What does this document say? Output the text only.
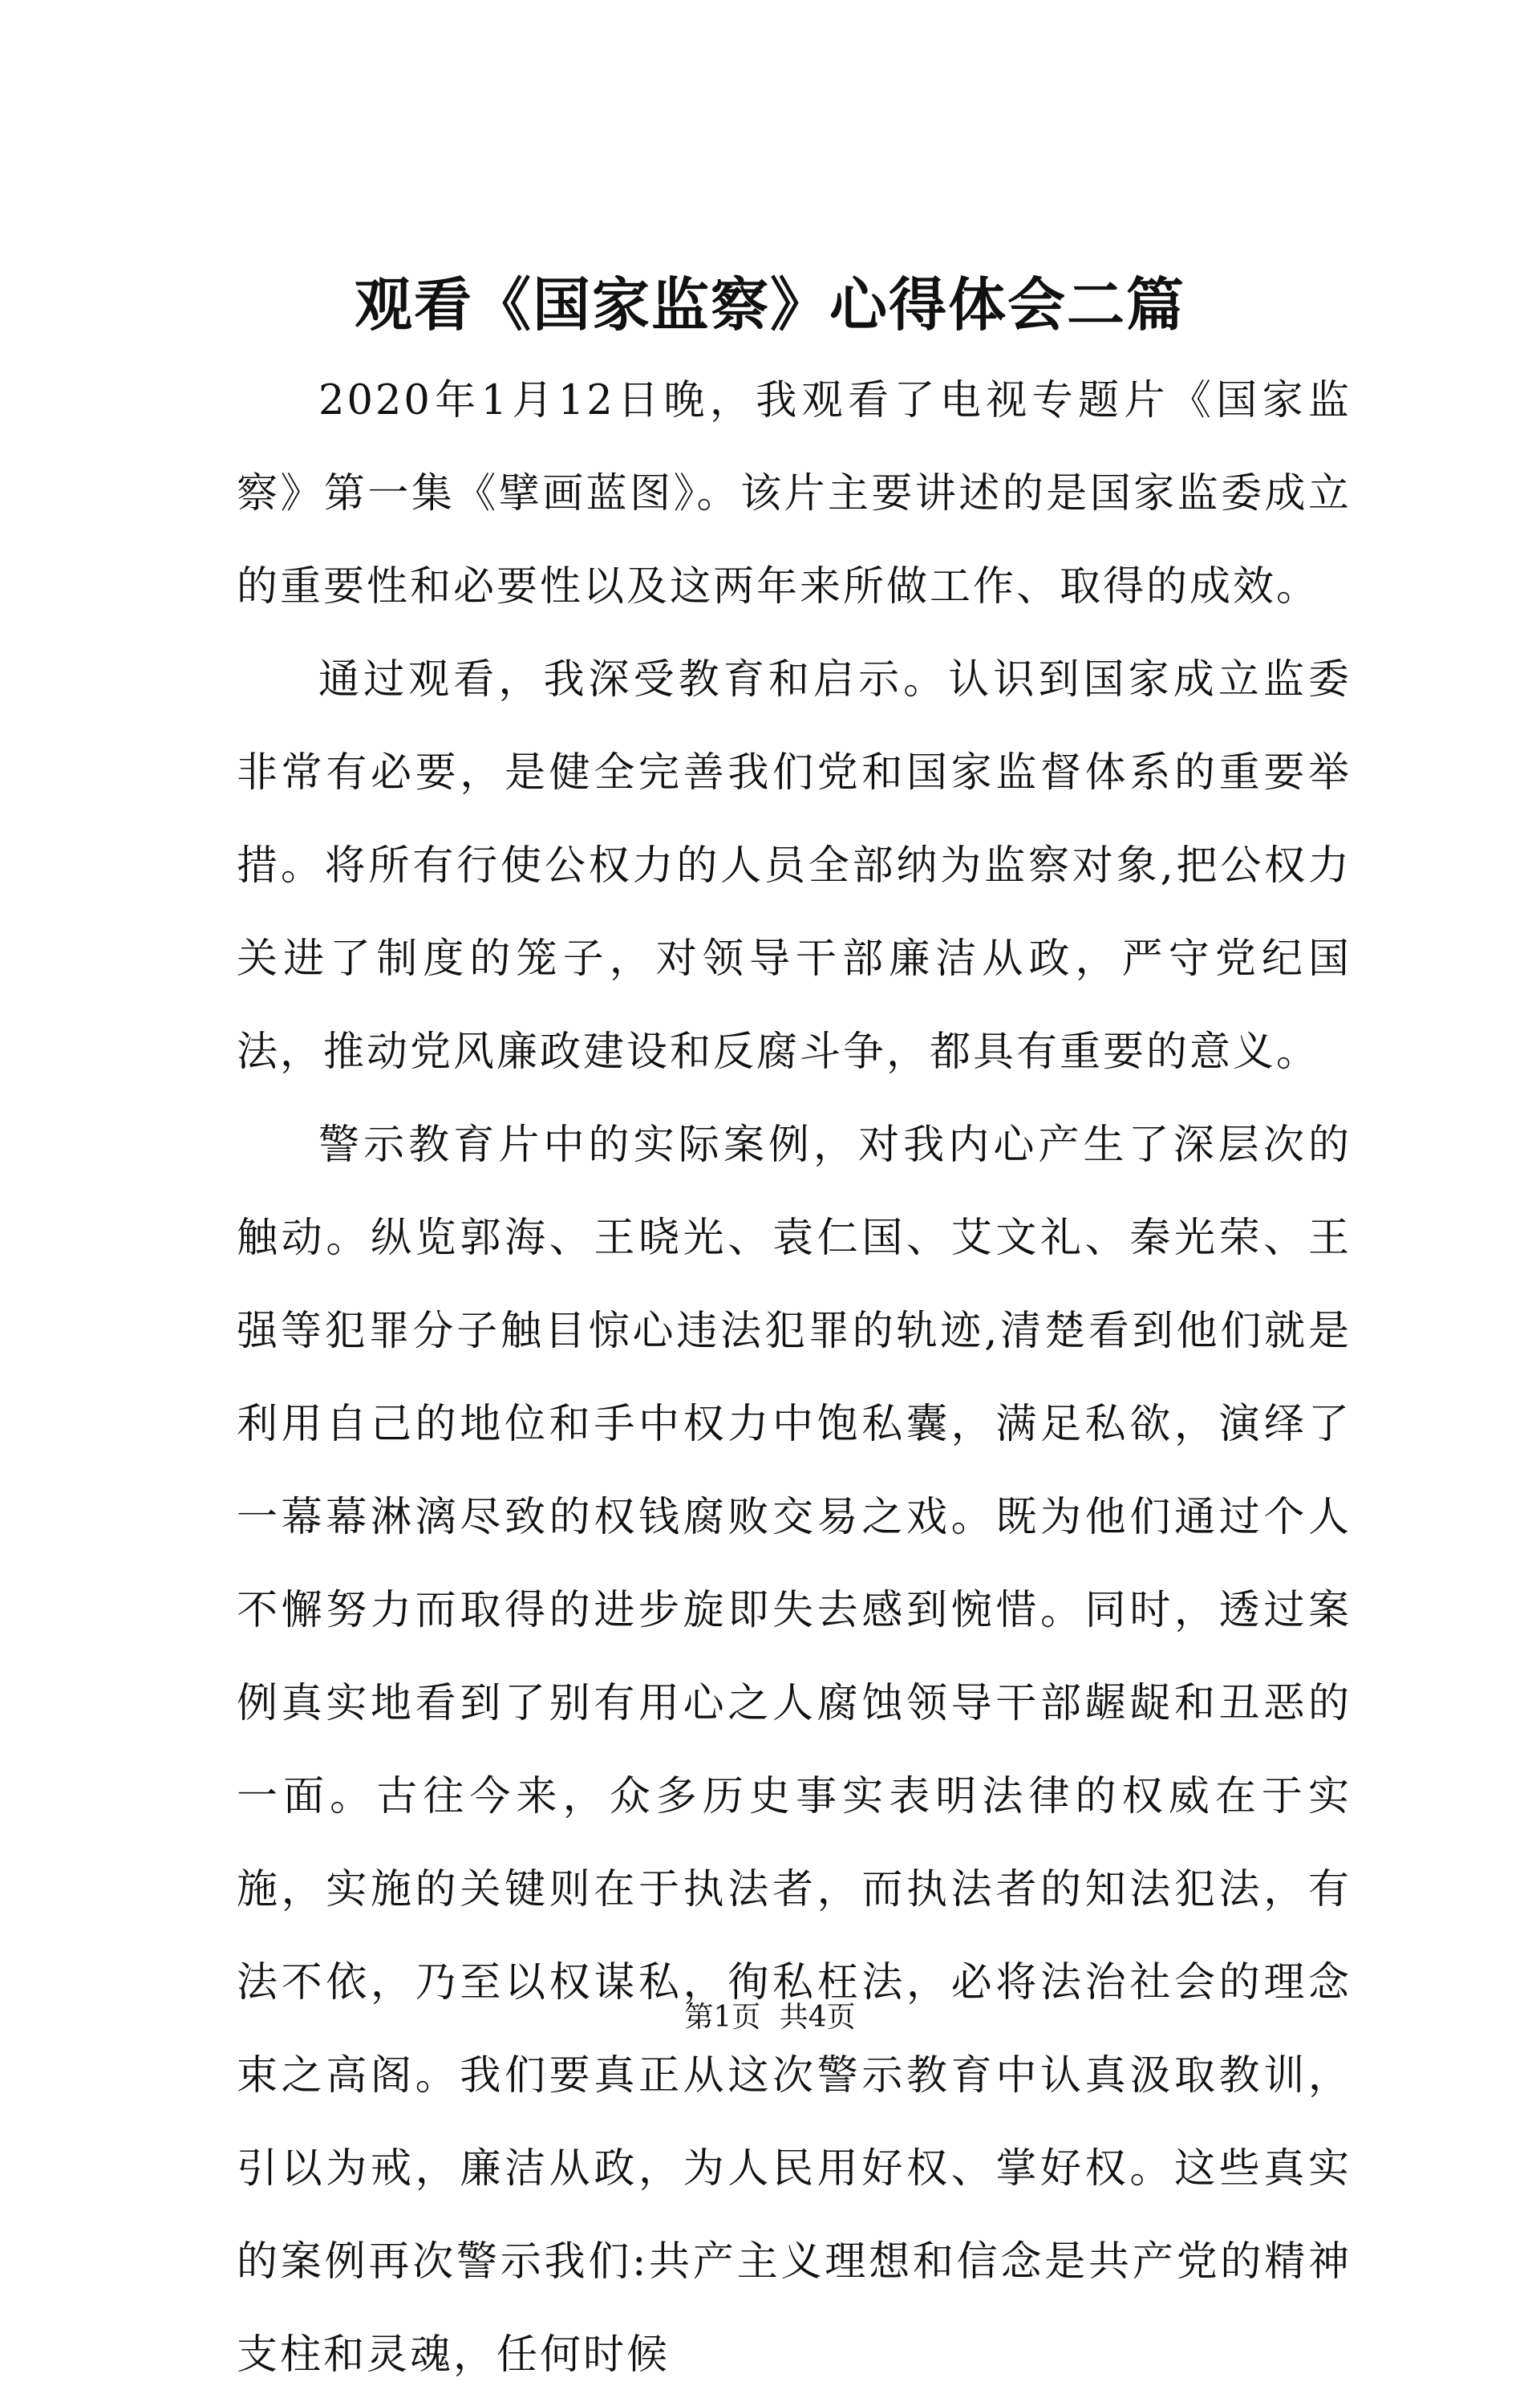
观看《国家监察》心得体会二篇

2020年1月12日晚，我观看了电视专题片《国家监察》第一集《擘画蓝图》。该片主要讲述的是国家监委成立的重要性和必要性以及这两年来所做工作、取得的成效。

通过观看，我深受教育和启示。认识到国家成立监委非常有必要，是健全完善我们党和国家监督体系的重要举措。将所有行使公权力的人员全部纳为监察对象,把公权力关进了制度的笼子，对领导干部廉洁从政，严守党纪国法，推动党风廉政建设和反腐斗争，都具有重要的意义。

警示教育片中的实际案例，对我内心产生了深层次的触动。纵览郭海、王晓光、袁仁国、艾文礼、秦光荣、王强等犯罪分子触目惊心违法犯罪的轨迹,清楚看到他们就是利用自己的地位和手中权力中饱私囊，满足私欲，演绎了一幕幕淋漓尽致的权钱腐败交易之戏。既为他们通过个人不懈努力而取得的进步旋即失去感到惋惜。同时，透过案例真实地看到了别有用心之人腐蚀领导干部龌龊和丑恶的一面。古往今来，众多历史事实表明法律的权威在于实施，实施的关键则在于执法者，而执法者的知法犯法，有法不依，乃至以权谋私，徇私枉法，必将法治社会的理念束之高阁。我们要真正从这次警示教育中认真汲取教训，引以为戒，廉洁从政，为人民用好权、掌好权。这些真实的案例再次警示我们:共产主义理想和信念是共产党的精神支柱和灵魂，任何时候

第1页 共4页
